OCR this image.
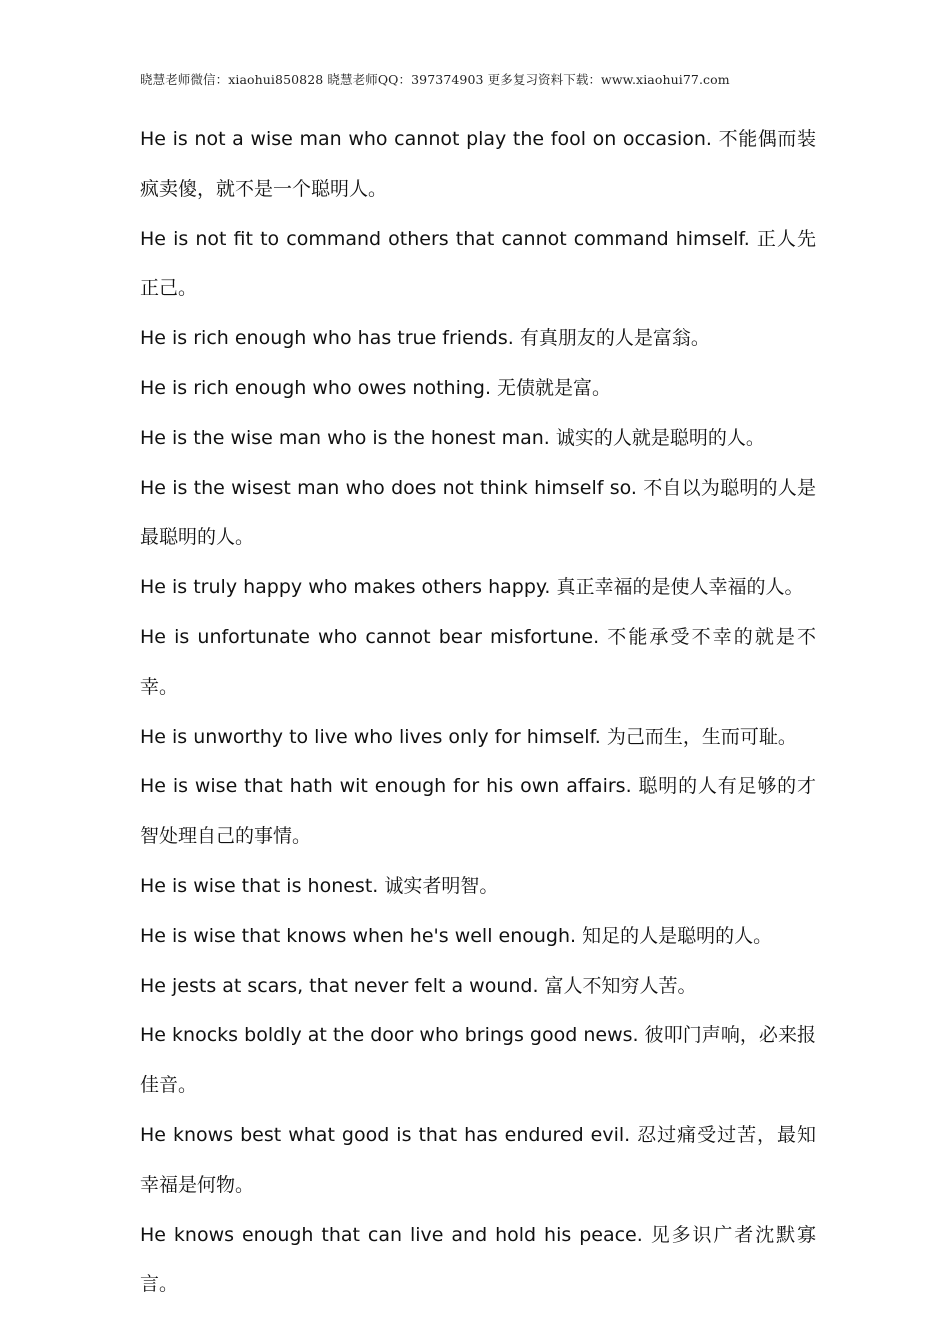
晓慧老师微信：xiaohui850828 晓慧老师QQ：397374903 更多复习资料下载：www.xiaohui77.com

He is not a wise man who cannot play the fool on occasion. 不能偶而装疯卖傻，就不是一个聪明人。

He is not fit to command others that cannot command himself. 正人先正己。

He is rich enough who has true friends. 有真朋友的人是富翁。

He is rich enough who owes nothing. 无债就是富。

He is the wise man who is the honest man. 诚实的人就是聪明的人。

He is the wisest man who does not think himself so. 不自以为聪明的人是最聪明的人。

He is truly happy who makes others happy. 真正幸福的是使人幸福的人。

He is unfortunate who cannot bear misfortune. 不能承受不幸的就是不幸。

He is unworthy to live who lives only for himself. 为己而生，生而可耻。

He is wise that hath wit enough for his own affairs. 聪明的人有足够的才智处理自己的事情。

He is wise that is honest. 诚实者明智。

He is wise that knows when he's well enough. 知足的人是聪明的人。

He jests at scars, that never felt a wound. 富人不知穷人苦。

He knocks boldly at the door who brings good news. 彼叩门声响，必来报佳音。

He knows best what good is that has endured evil. 忍过痛受过苦，最知幸福是何物。

He knows enough that can live and hold his peace. 见多识广者沈默寡言。
